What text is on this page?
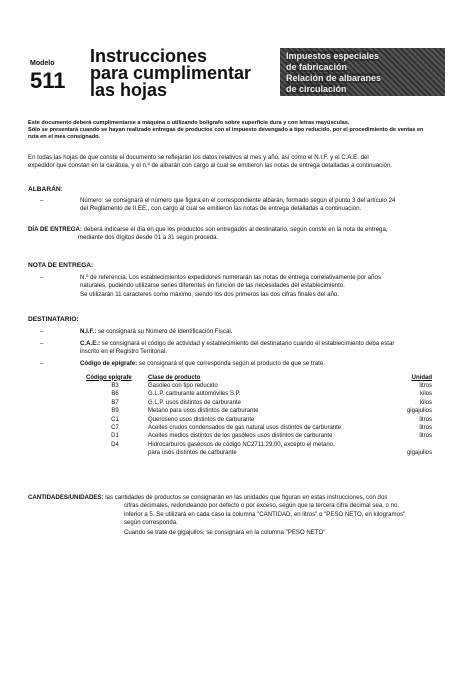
Modelo
511
Instrucciones
para cumplimentar
las hojas
Impuestos especiales
de fabricación
Relación de albaranes
de circulación
Este documento deberá cumplimentarse a máquina o utilizando bolígrafo sobre superficie dura y con letras mayúsculas.
Sólo se presentará cuando se hayan realizado entregas de productos con el impuesto devengado a tipo reducido, por el procedimiento de ventas en
ruta en el mes consignado.
En todas las hojas de que conste el documento se reflejarán los datos relativos al mes y año, así como el N.I.F. y el C.A.E. del
expedidor que constan en la carátula, y el n.º de albarán con cargo al cual se emitieron las notas de entrega detalladas a continuación.
ALBARÁN:
–	Número: se consignará el número que figura en el correspondiente albarán, formado según el punto 3 del artículo 24
del Reglamento de II.EE., con cargo al cual se emitieron las notas de entrega detalladas a continuación.
DÍA DE ENTREGA: deberá indicarse el día en que los productos son entregados al destinatario, según conste en la nota de entrega,
mediante dos dígitos desde 01 a 31 según proceda.
NOTA DE ENTREGA:
–	N.º de referencia. Los establecimientos expedidores numerarán las notas de entrega correlativamente por años
naturales, pudiendo utilizarse series diferentes en función de las necesidades del establecimiento.
Se utilizarán 11 caracteres como máximo, siendo los dos primeros las dos cifras finales del año.
DESTINATARIO:
–	N.I.F.: se consignará su Número de Identificación Fiscal.
–	C.A.E.: se consignará el código de actividad y establecimiento del destinatario cuando el establecimiento deba estar
inscrito en el Registro Territorial.
–	Código de epígrafe: se consignará el que corresponda según el producto de que se trate.
Código epígrafe	Clase de producto	Unidad
B3	Gasóleo con tipo reducido	litros
B6	G.L.P. carburante automóviles S.P.	kilos
B7	G.L.P. usos distintos de carburante	kilos
B9	Metano para usos distintos de carburante	gigajulios
C1	Queroseno usos distintos de carburante	litros
C7	Aceites crudos condensados de gas natural usos distintos de carburante	litros
D1	Aceites medios distintos de los gasóleos usos distintos de carburante	litros
D4	Hidrocarburos gaseosos de código NC2711.29.00, excepto el metano,	
	para usos distintos de carburante	gigajulios
CANTIDADES/UNIDADES: las cantidades de productos se consignarán en las unidades que figuran en estas instrucciones, con dos
cifras decimales, redondeando por defecto o por exceso, según que la tercera cifra decimal sea, o no,
inferior a 5. Se utilizará en cada caso la columna "CANTIDAD, en litros" o "PESO NETO, en kilogramos"
según corresponda.
Cuando se trate de gigajulios, se consignará en la columna "PESO NETO".
